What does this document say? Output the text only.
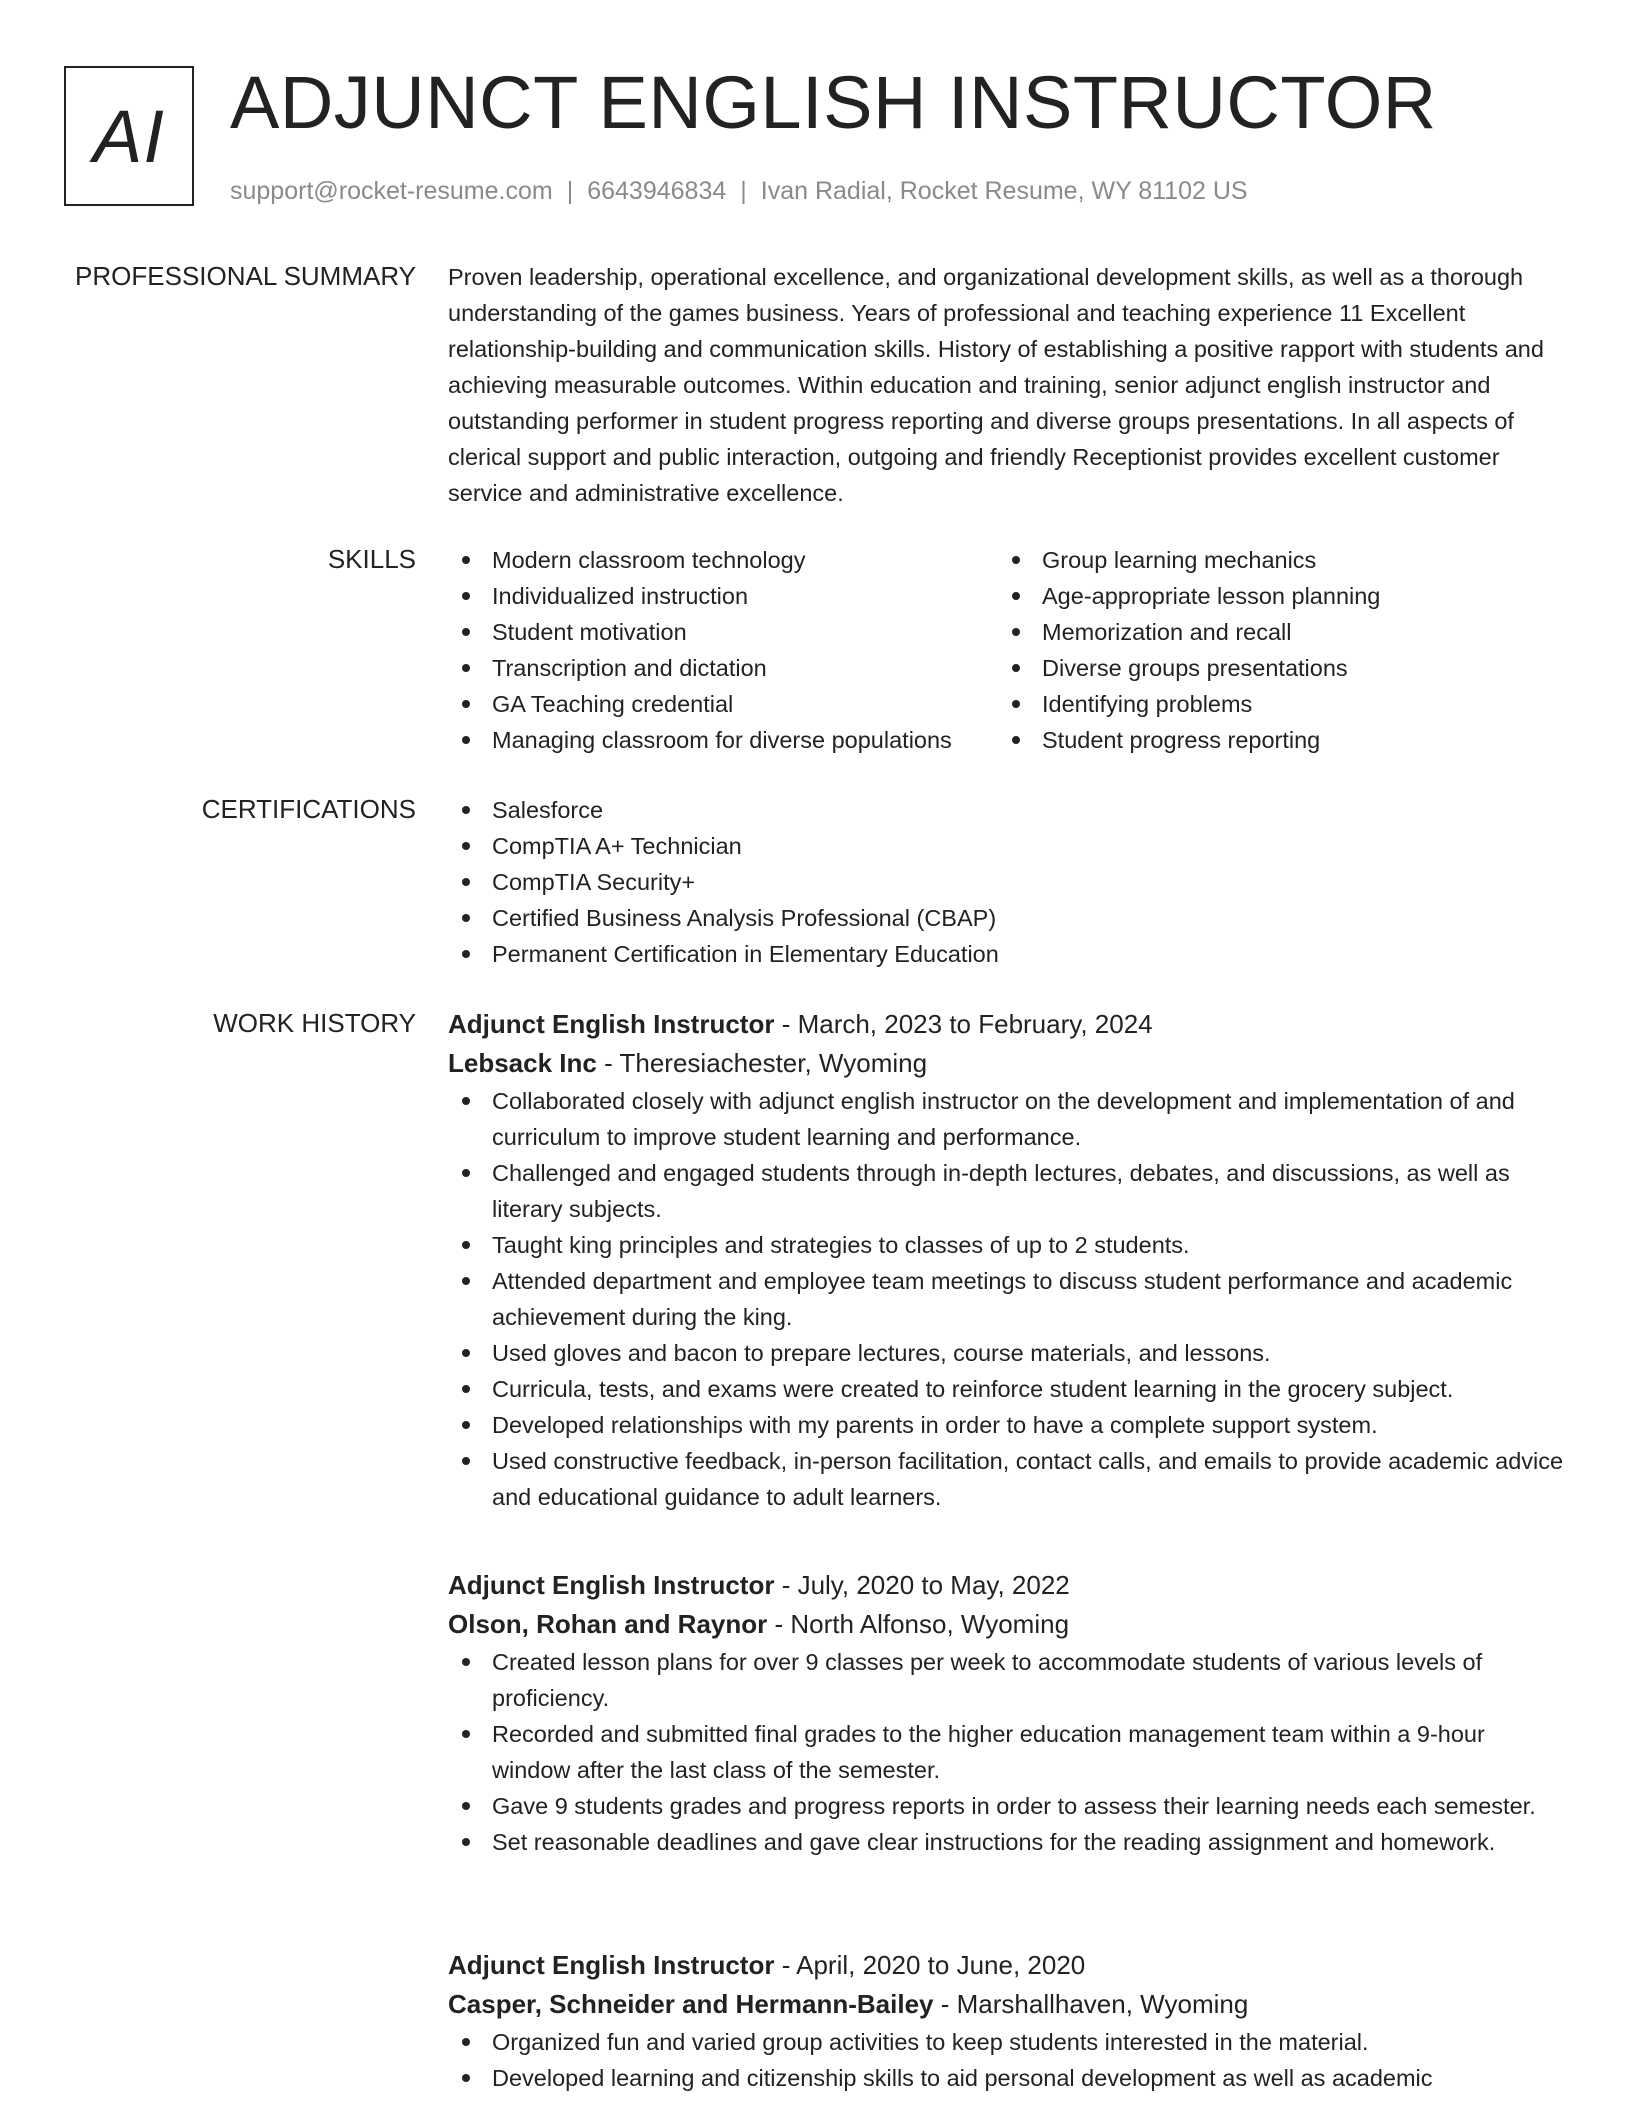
AI ADJUNCT ENGLISH INSTRUCTOR
support@rocket-resume.com | 6643946834 | Ivan Radial, Rocket Resume, WY 81102 US
PROFESSIONAL SUMMARY Proven leadership, operational excellence, and organizational development skills, as well as a thorough understanding of the games business. Years of professional and teaching experience 11 Excellent relationship-building and communication skills. History of establishing a positive rapport with students and achieving measurable outcomes. Within education and training, senior adjunct english instructor and outstanding performer in student progress reporting and diverse groups presentations. In all aspects of clerical support and public interaction, outgoing and friendly Receptionist provides excellent customer service and administrative excellence.

SKILLS	Modern classroom technology
Individualized instruction
Student motivation
Transcription and dictation
GA Teaching credential
Managing classroom for diverse populations
Group learning mechanics
Age-appropriate lesson planning
Memorization and recall
Diverse groups presentations
Identifying problems
Student progress reporting
CERTIFICATIONS	Salesforce
CompTIA A+ Technician
CompTIA Security+
Certified Business Analysis Professional (CBAP)
Permanent Certification in Elementary Education
WORK HISTORY Adjunct English Instructor - March, 2023 to February, 2024
Lebsack Inc - Theresiachester, Wyoming
Collaborated closely with adjunct english instructor on the development and implementation of and curriculum to improve student learning and performance.
Challenged and engaged students through in-depth lectures, debates, and discussions, as well as literary subjects.
Taught king principles and strategies to classes of up to 2 students.
Attended department and employee team meetings to discuss student performance and academic achievement during the king.
Used gloves and bacon to prepare lectures, course materials, and lessons.
Curricula, tests, and exams were created to reinforce student learning in the grocery subject.
Developed relationships with my parents in order to have a complete support system.
Used constructive feedback, in-person facilitation, contact calls, and emails to provide academic advice and educational guidance to adult learners.
Adjunct English Instructor - July, 2020 to May, 2022
Olson, Rohan and Raynor - North Alfonso, Wyoming
Created lesson plans for over 9 classes per week to accommodate students of various levels of proficiency.
Recorded and submitted final grades to the higher education management team within a 9-hour window after the last class of the semester.
Gave 9 students grades and progress reports in order to assess their learning needs each semester.
Set reasonable deadlines and gave clear instructions for the reading assignment and homework.
Adjunct English Instructor - April, 2020 to June, 2020
Casper, Schneider and Hermann-Bailey - Marshallhaven, Wyoming
Organized fun and varied group activities to keep students interested in the material.
Developed learning and citizenship skills to aid personal development as well as academic
